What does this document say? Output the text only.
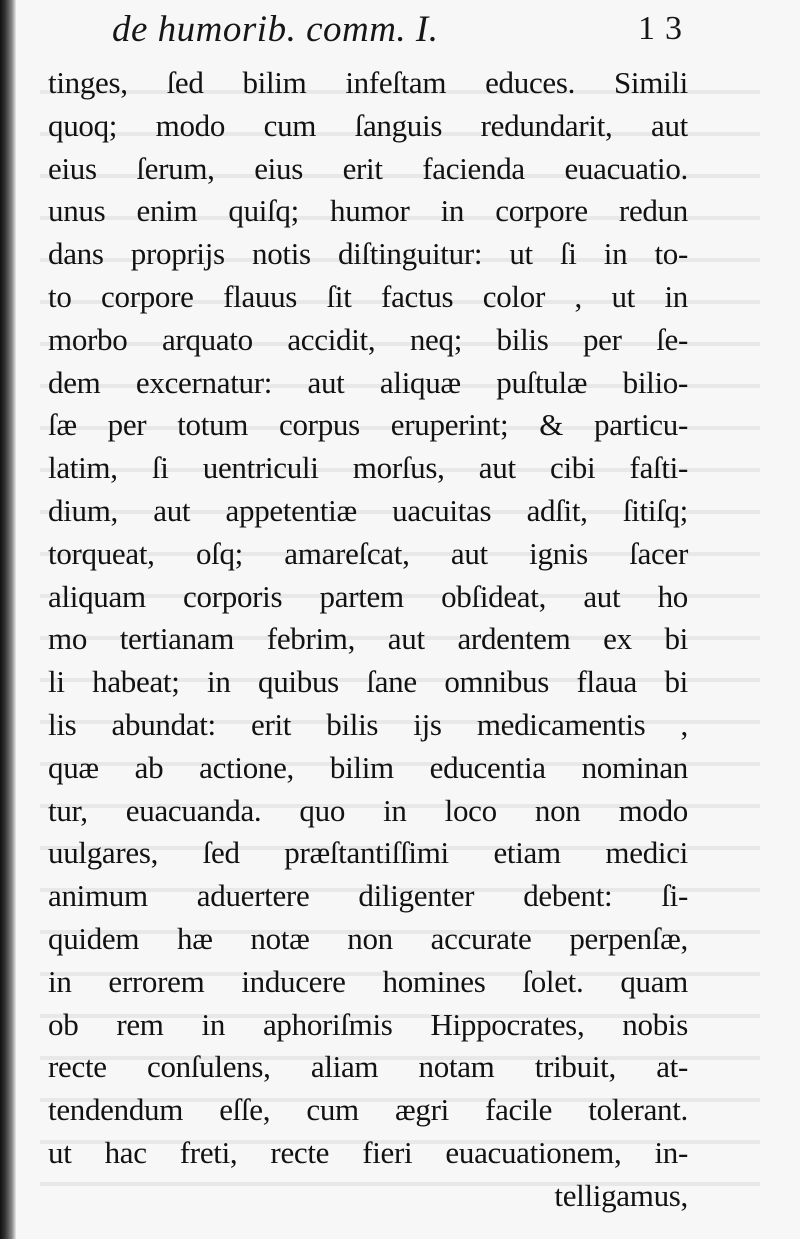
de humorib. comm. I.	13
tinges, ſed bilim infeſtam educes. Simili
quoq; modo cum ſanguis redundarit, aut
eius ſerum, eius erit facienda euacuatio.
unus enim quiſq; humor in corpore redun
dans proprijs notis diſtinguitur: ut ſi in to-
to corpore flauus ſit factus color , ut in
morbo arquato accidit, neq; bilis per ſe-
dem excernatur: aut aliquæ puſtulæ bilio-
ſæ per totum corpus eruperint; & particu-
latim, ſi uentriculi morſus, aut cibi faſti-
dium, aut appetentiæ uacuitas adſit, ſitiſq;
torqueat, oſq; amareſcat, aut ignis ſacer
aliquam corporis partem obſideat, aut ho
mo tertianam febrim, aut ardentem ex bi
li habeat; in quibus ſane omnibus flaua bi
lis abundat: erit bilis ijs medicamentis ,
quæ ab actione, bilim educentia nominan
tur, euacuanda. quo in loco non modo
uulgares, ſed præſtantiſſimi etiam medici
animum aduertere diligenter debent: ſi-
quidem hæ notæ non accurate perpenſæ,
in errorem inducere homines ſolet. quam
ob rem in aphoriſmis Hippocrates, nobis
recte conſulens, aliam notam tribuit, at-
tendendum eſſe, cum ægri facile tolerant.
ut hac freti, recte fieri euacuationem, in-
telligamus,
